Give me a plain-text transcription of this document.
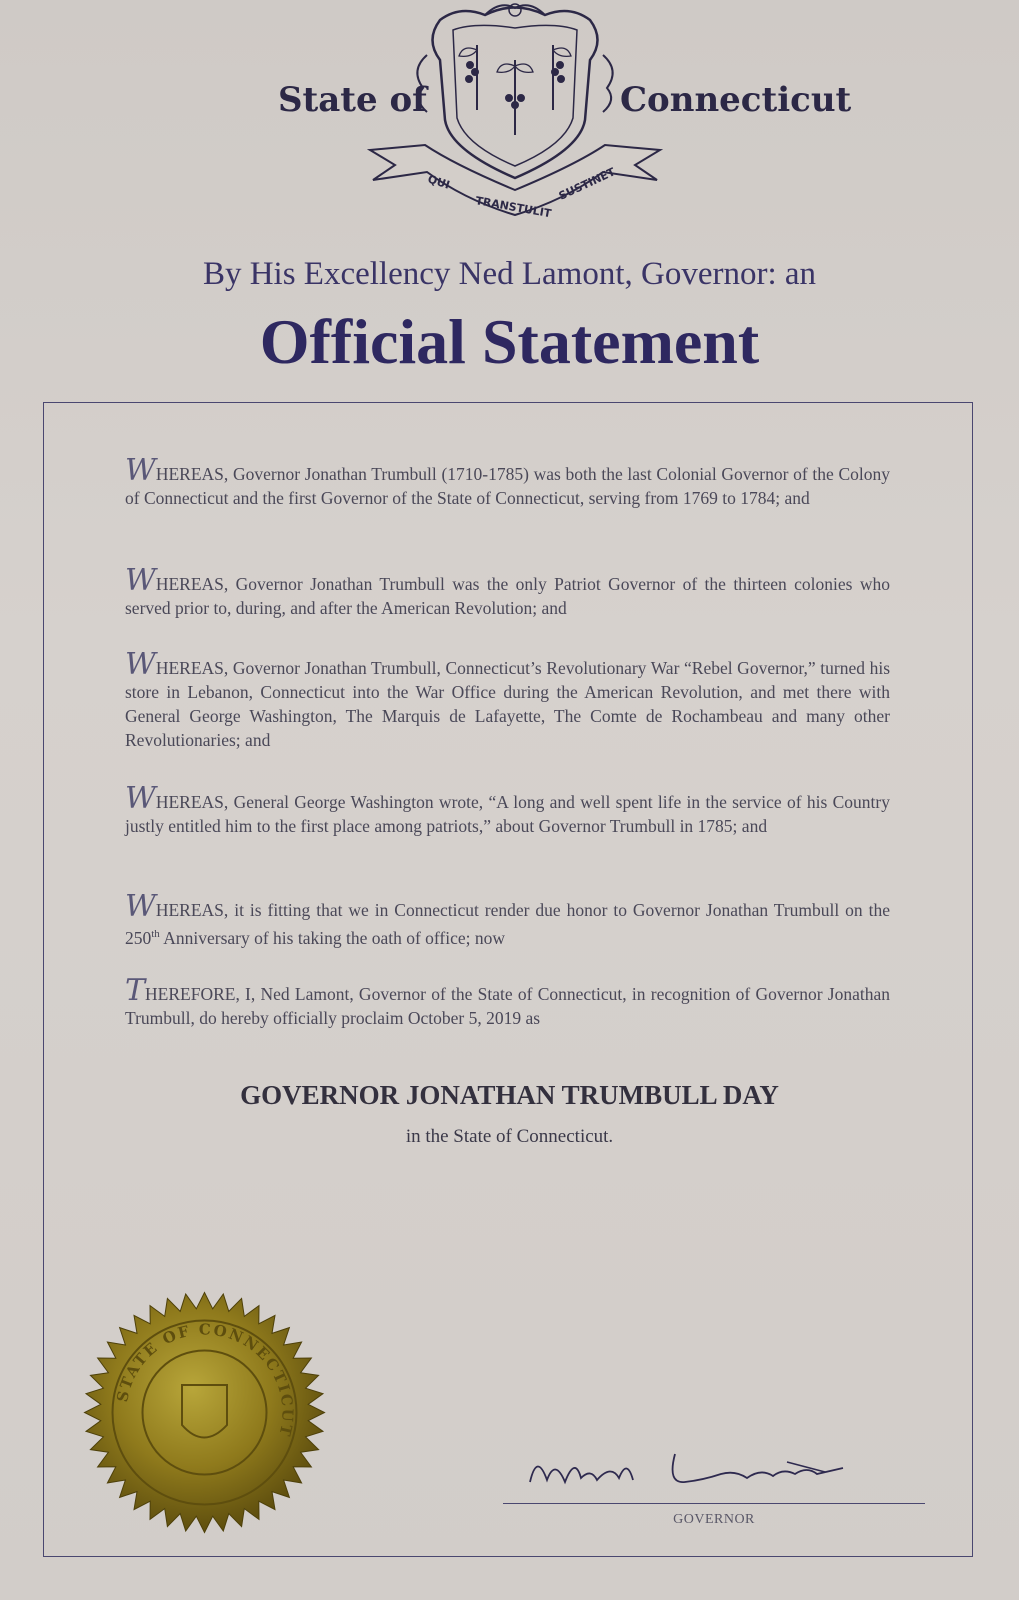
State of	Connecticut
QUI
TRANSTULIT
SUSTINET
By His Excellency Ned Lamont, Governor: an
Official Statement
WHEREAS, Governor Jonathan Trumbull (1710-1785) was both the last Colonial Governor of the Colony of Connecticut and the first Governor of the State of Connecticut, serving from 1769 to 1784; and
WHEREAS, Governor Jonathan Trumbull was the only Patriot Governor of the thirteen colonies who served prior to, during, and after the American Revolution; and
WHEREAS, Governor Jonathan Trumbull, Connecticut’s Revolutionary War “Rebel Governor,” turned his store in Lebanon, Connecticut into the War Office during the American Revolution, and met there with General George Washington, The Marquis de Lafayette, The Comte de Rochambeau and many other Revolutionaries; and
WHEREAS, General George Washington wrote, “A long and well spent life in the service of his Country justly entitled him to the first place among patriots,” about Governor Trumbull in 1785; and
WHEREAS, it is fitting that we in Connecticut render due honor to Governor Jonathan Trumbull on the 250th Anniversary of his taking the oath of office; now
THEREFORE, I, Ned Lamont, Governor of the State of Connecticut, in recognition of Governor Jonathan Trumbull, do hereby officially proclaim October 5, 2019 as
GOVERNOR JONATHAN TRUMBULL DAY
in the State of Connecticut.
STATE OF CONNECTICUT
GOVERNOR
